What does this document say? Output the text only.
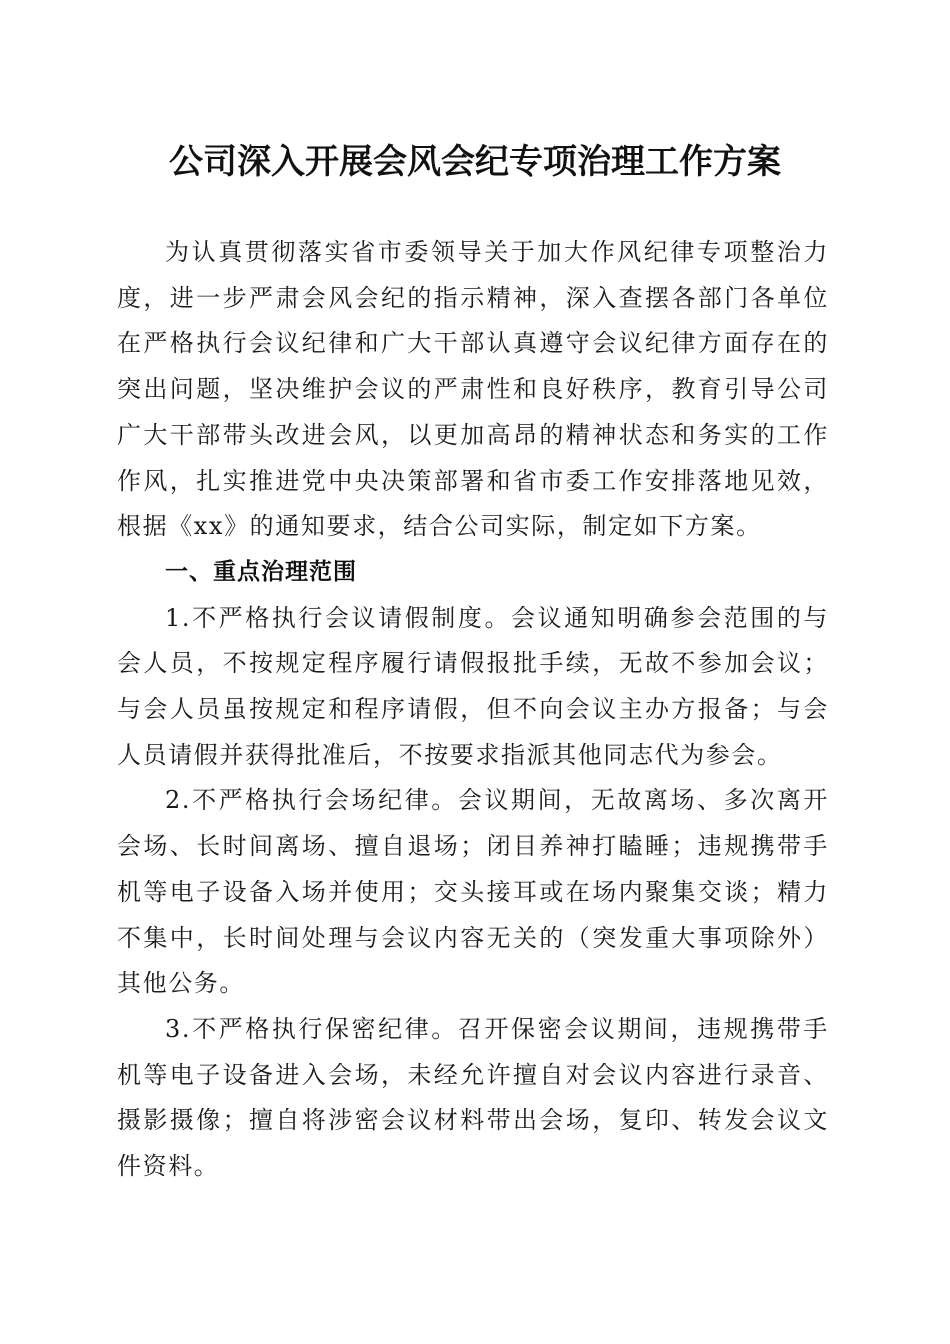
公司深入开展会风会纪专项治理工作方案

为认真贯彻落实省市委领导关于加大作风纪律专项整治力度，进一步严肃会风会纪的指示精神，深入查摆各部门各单位在严格执行会议纪律和广大干部认真遵守会议纪律方面存在的突出问题，坚决维护会议的严肃性和良好秩序，教育引导公司广大干部带头改进会风，以更加高昂的精神状态和务实的工作作风，扎实推进党中央决策部署和省市委工作安排落地见效，根据《xx》的通知要求，结合公司实际，制定如下方案。

一、重点治理范围

1.不严格执行会议请假制度。会议通知明确参会范围的与会人员，不按规定程序履行请假报批手续，无故不参加会议；与会人员虽按规定和程序请假，但不向会议主办方报备；与会人员请假并获得批准后，不按要求指派其他同志代为参会。

2.不严格执行会场纪律。会议期间，无故离场、多次离开会场、长时间离场、擅自退场；闭目养神打瞌睡；违规携带手机等电子设备入场并使用；交头接耳或在场内聚集交谈；精力不集中，长时间处理与会议内容无关的（突发重大事项除外）其他公务。

3.不严格执行保密纪律。召开保密会议期间，违规携带手机等电子设备进入会场，未经允许擅自对会议内容进行录音、摄影摄像；擅自将涉密会议材料带出会场，复印、转发会议文件资料。
